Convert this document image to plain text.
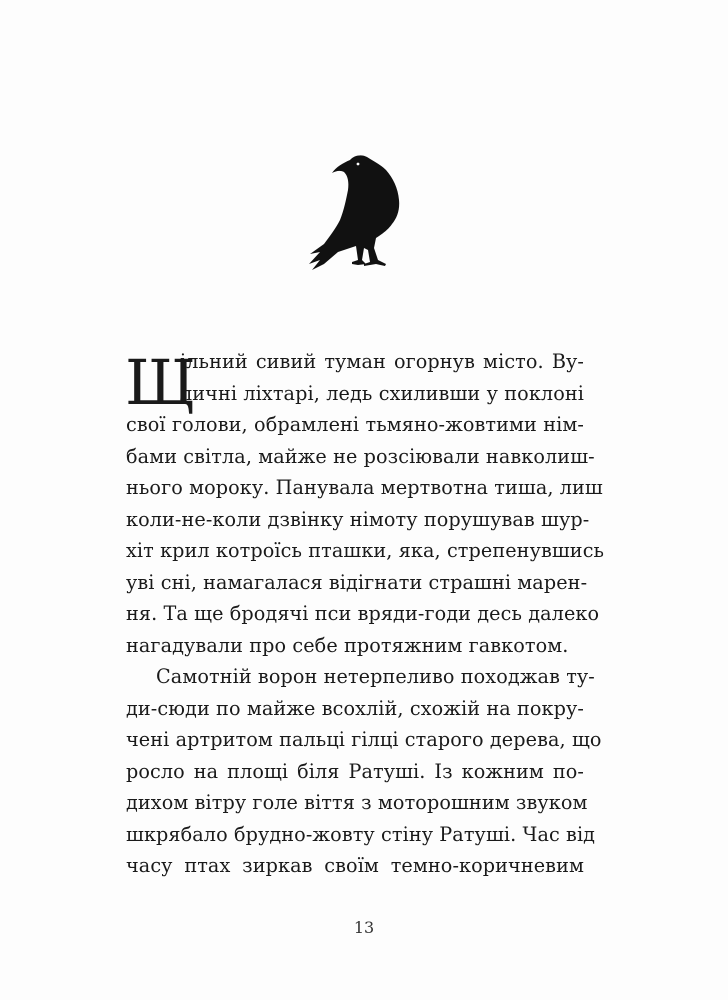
Щ
ільний сивий туман огорнув місто. Ву-
личні ліхтарі, ледь схиливши у поклоні
свої голови, обрамлені тьмяно-жовтими нім-
бами світла, майже не розсіювали навколиш-
нього мороку. Панувала мертвотна тиша, лиш
коли-не-коли дзвінку німоту порушував шур-
хіт крил котроїсь пташки, яка, стрепенувшись
уві сні, намагалася відігнати страшні марен-
ня. Та ще бродячі пси вряди-годи десь далеко
нагадували про себе протяжним гавкотом.
Самотній ворон нетерпеливо походжав ту-
ди-сюди по майже всохлій, схожій на покру-
чені артритом пальці гілці старого дерева, що
росло на площі біля Ратуші. Із кожним по-
дихом вітру голе віття з моторошним звуком
шкрябало брудно-жовту стіну Ратуші. Час від
часу птах зиркав своїм темно-коричневим
13
